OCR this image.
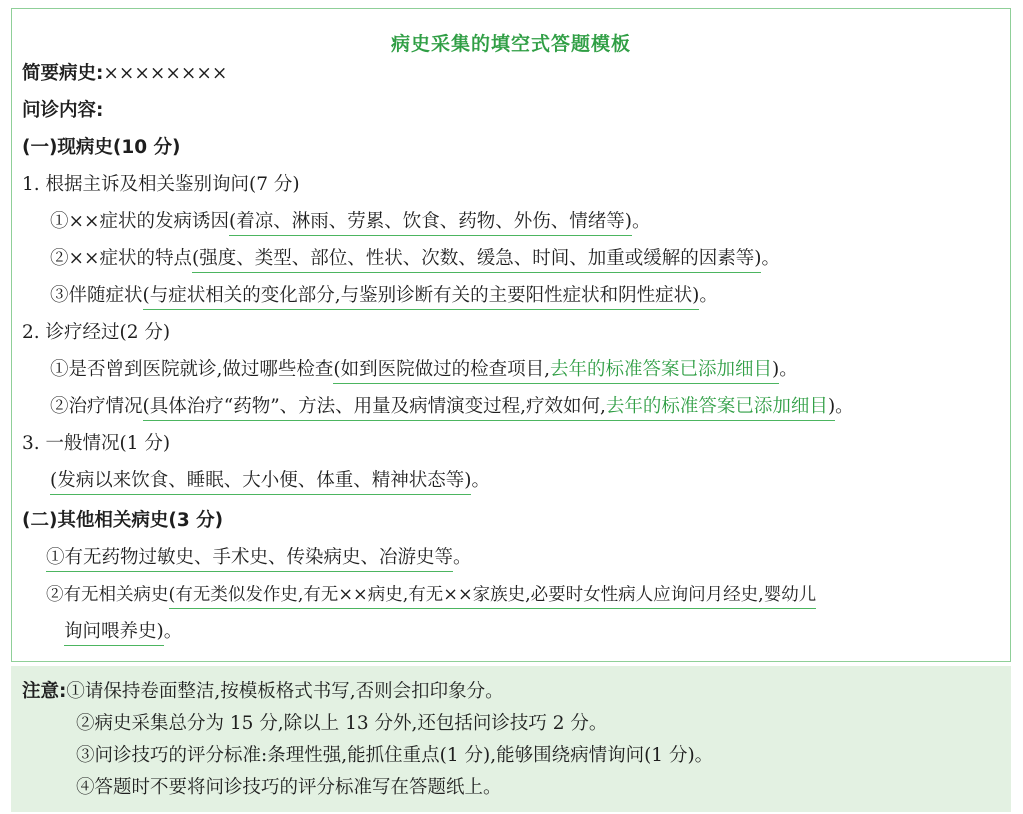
病史采集的填空式答题模板
简要病史:××××××××
问诊内容:
(一)现病史(10 分)
1. 根据主诉及相关鉴别询问(7 分)
①××症状的发病诱因(着凉、淋雨、劳累、饮食、药物、外伤、情绪等)。
②××症状的特点(强度、类型、部位、性状、次数、缓急、时间、加重或缓解的因素等)。
③伴随症状(与症状相关的变化部分,与鉴别诊断有关的主要阳性症状和阴性症状)。
2. 诊疗经过(2 分)
①是否曾到医院就诊,做过哪些检查(如到医院做过的检查项目,去年的标准答案已添加细目)。
②治疗情况(具体治疗“药物”、方法、用量及病情演变过程,疗效如何,去年的标准答案已添加细目)。
3. 一般情况(1 分)
(发病以来饮食、睡眠、大小便、体重、精神状态等)。
(二)其他相关病史(3 分)
①有无药物过敏史、手术史、传染病史、冶游史等。
②有无相关病史(有无类似发作史,有无××病史,有无××家族史,必要时女性病人应询问月经史,婴幼儿
询问喂养史)。
注意:①请保持卷面整洁,按模板格式书写,否则会扣印象分。
②病史采集总分为 15 分,除以上 13 分外,还包括问诊技巧 2 分。
③问诊技巧的评分标准:条理性强,能抓住重点(1 分),能够围绕病情询问(1 分)。
④答题时不要将问诊技巧的评分标准写在答题纸上。
